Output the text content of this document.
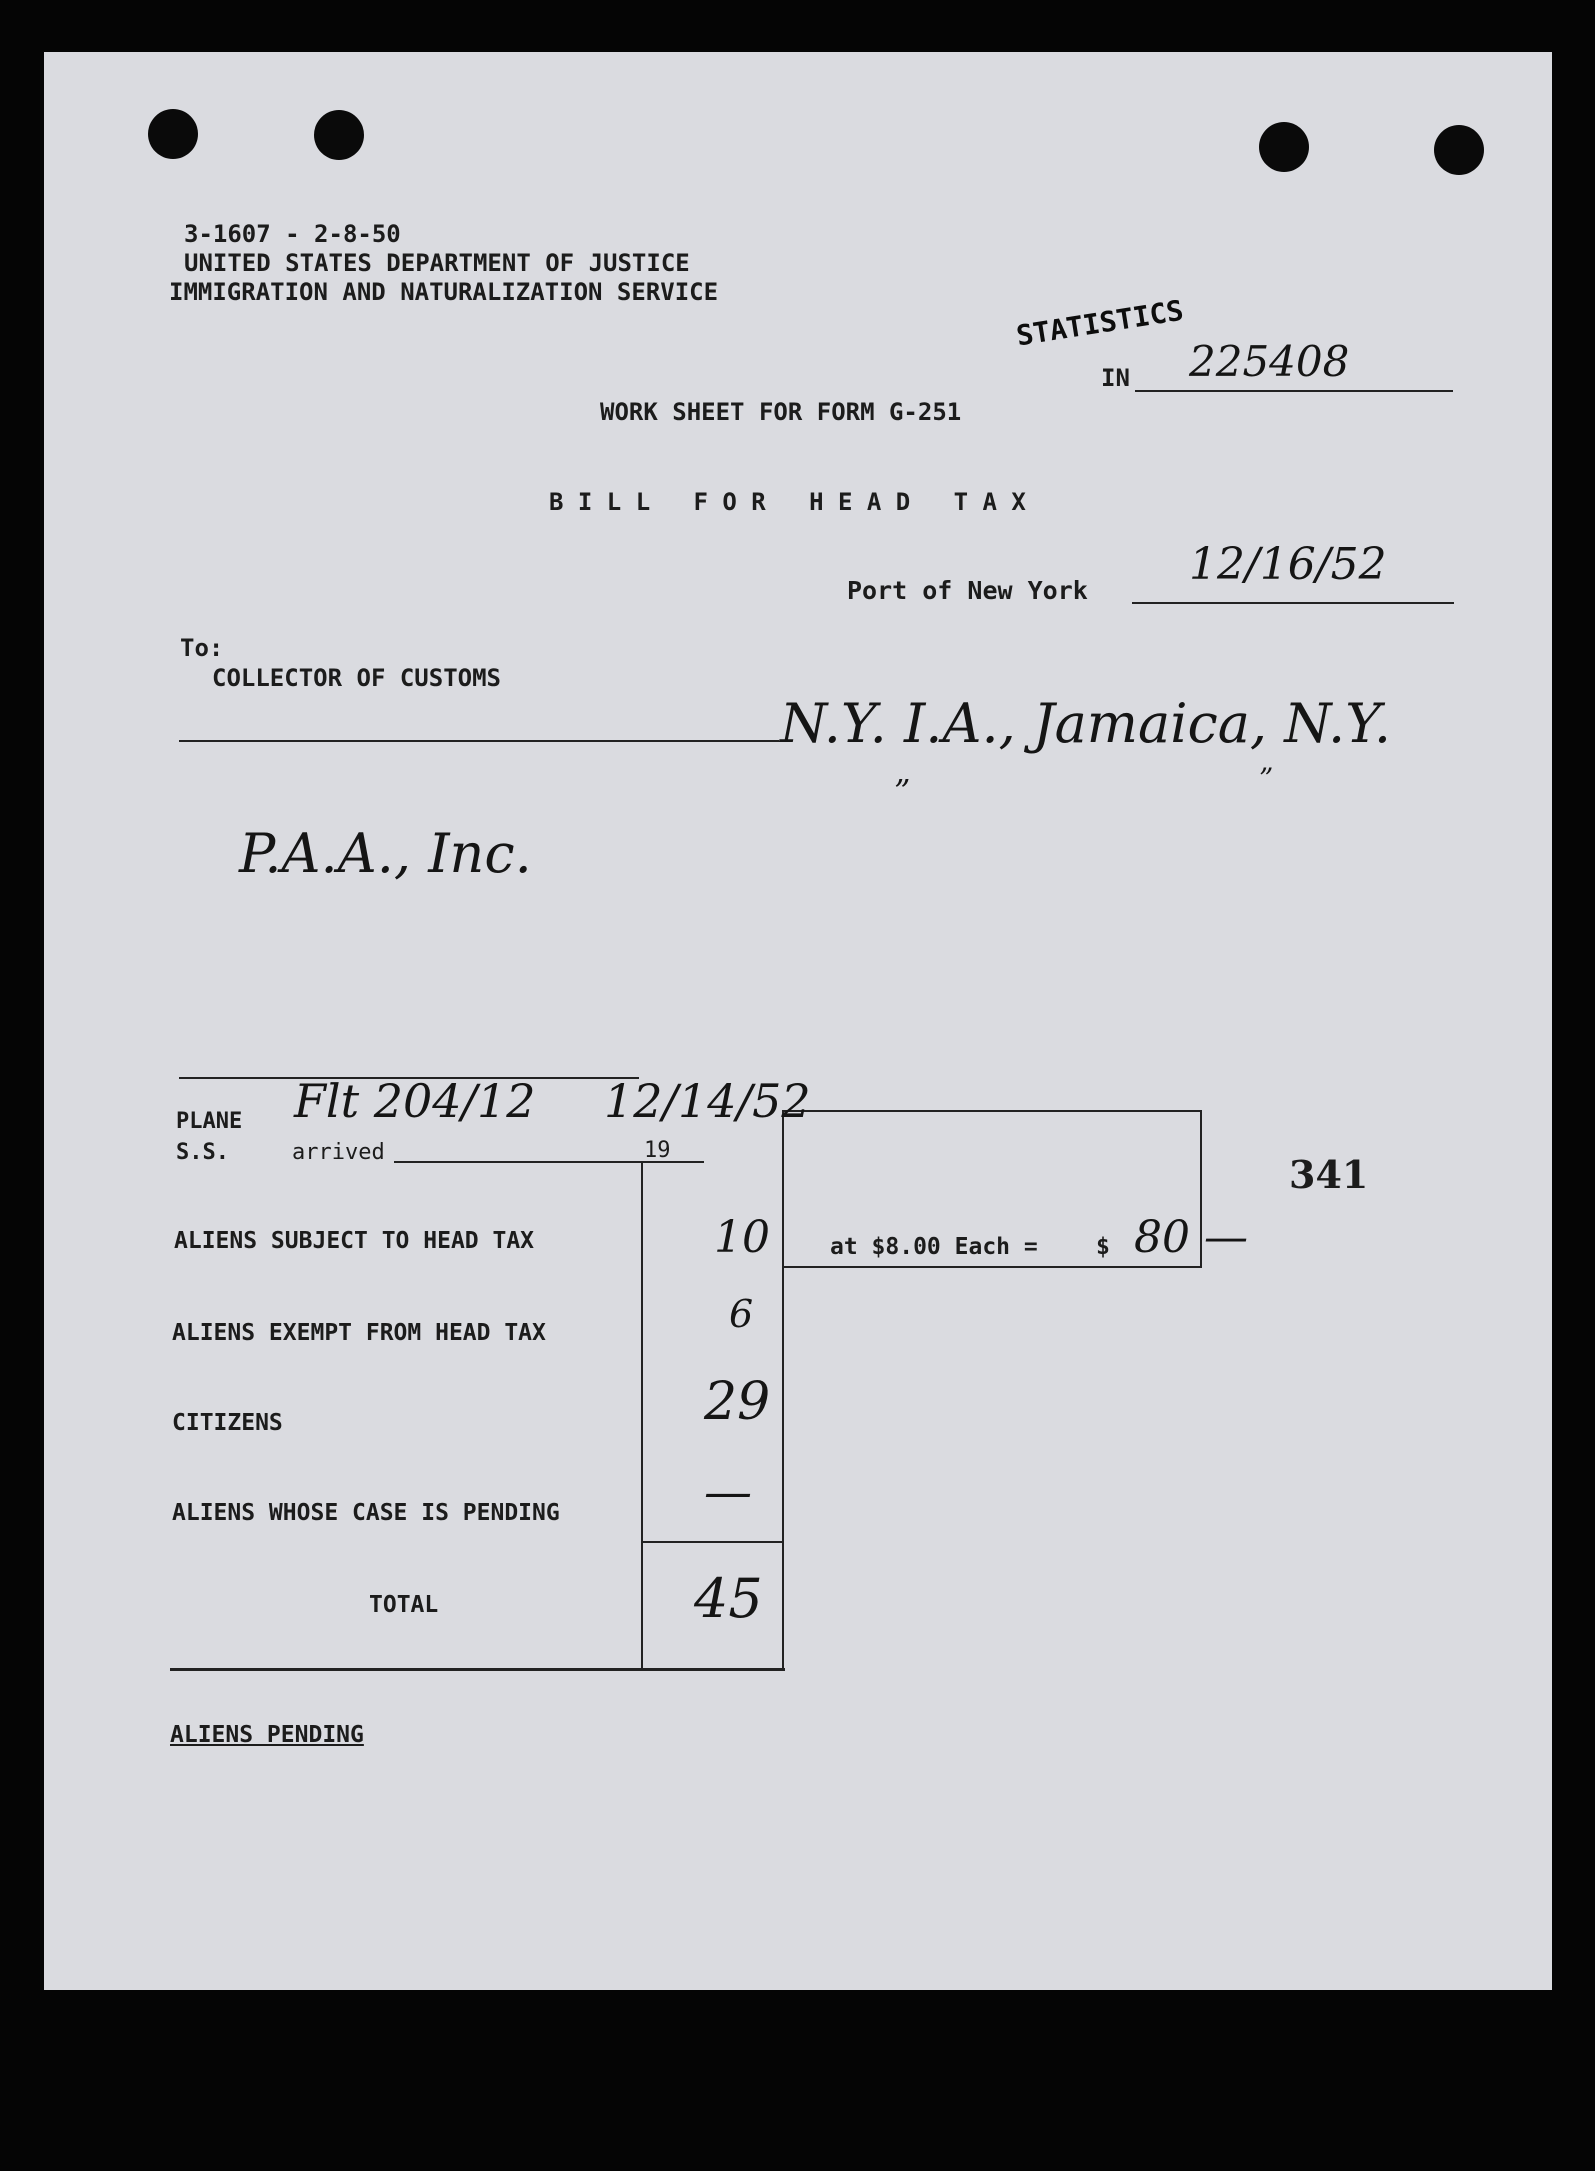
3-1607 - 2-8-50
UNITED STATES DEPARTMENT OF JUSTICE
IMMIGRATION AND NATURALIZATION SERVICE
STATISTICS
IN 225408
WORK SHEET FOR FORM G-251
B I L L   F O R   H E A D   T A X
Port of New York
12/16/52
To:
COLLECTOR OF CUSTOMS
N.Y. I.A., Jamaica, N.Y.
”	”
P.A.A., Inc.
PLANE
S.S.	arrived	19
Flt 204/12 12/14/52
ALIENS SUBJECT TO HEAD TAX	10
ALIENS EXEMPT FROM HEAD TAX	6
CITIZENS	29
ALIENS WHOSE CASE IS PENDING	—
TOTAL	45
at $8.00 Each =	$ 80 —
341
ALIENS PENDING
